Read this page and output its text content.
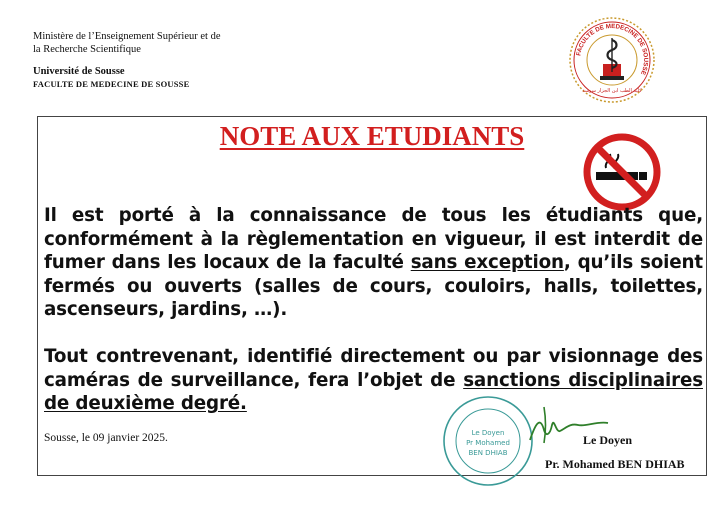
Ministère de l’Enseignement Supérieur et de
la Recherche Scientifique
Université de Sousse
FACULTE DE MEDECINE DE SOUSSE
FACULTE DE MEDECINE DE SOUSSE
كلية الطب ابن الجزار سوسة
NOTE AUX ETUDIANTS
Il est porté à la connaissance de tous les étudiants que, conformément à la règlementation en vigueur, il est interdit de fumer dans les locaux de la faculté sans exception, qu’ils soient fermés ou ouverts (salles de cours, couloirs, halls, toilettes, ascenseurs, jardins, …).
Tout contrevenant, identifié directement ou par visionnage des caméras de surveillance, fera l’objet de sanctions disciplinaires de deuxième degré.
Le Doyen
Pr Mohamed
BEN DHIAB
Sousse, le 09 janvier 2025.	Le Doyen
Pr. Mohamed BEN DHIAB
